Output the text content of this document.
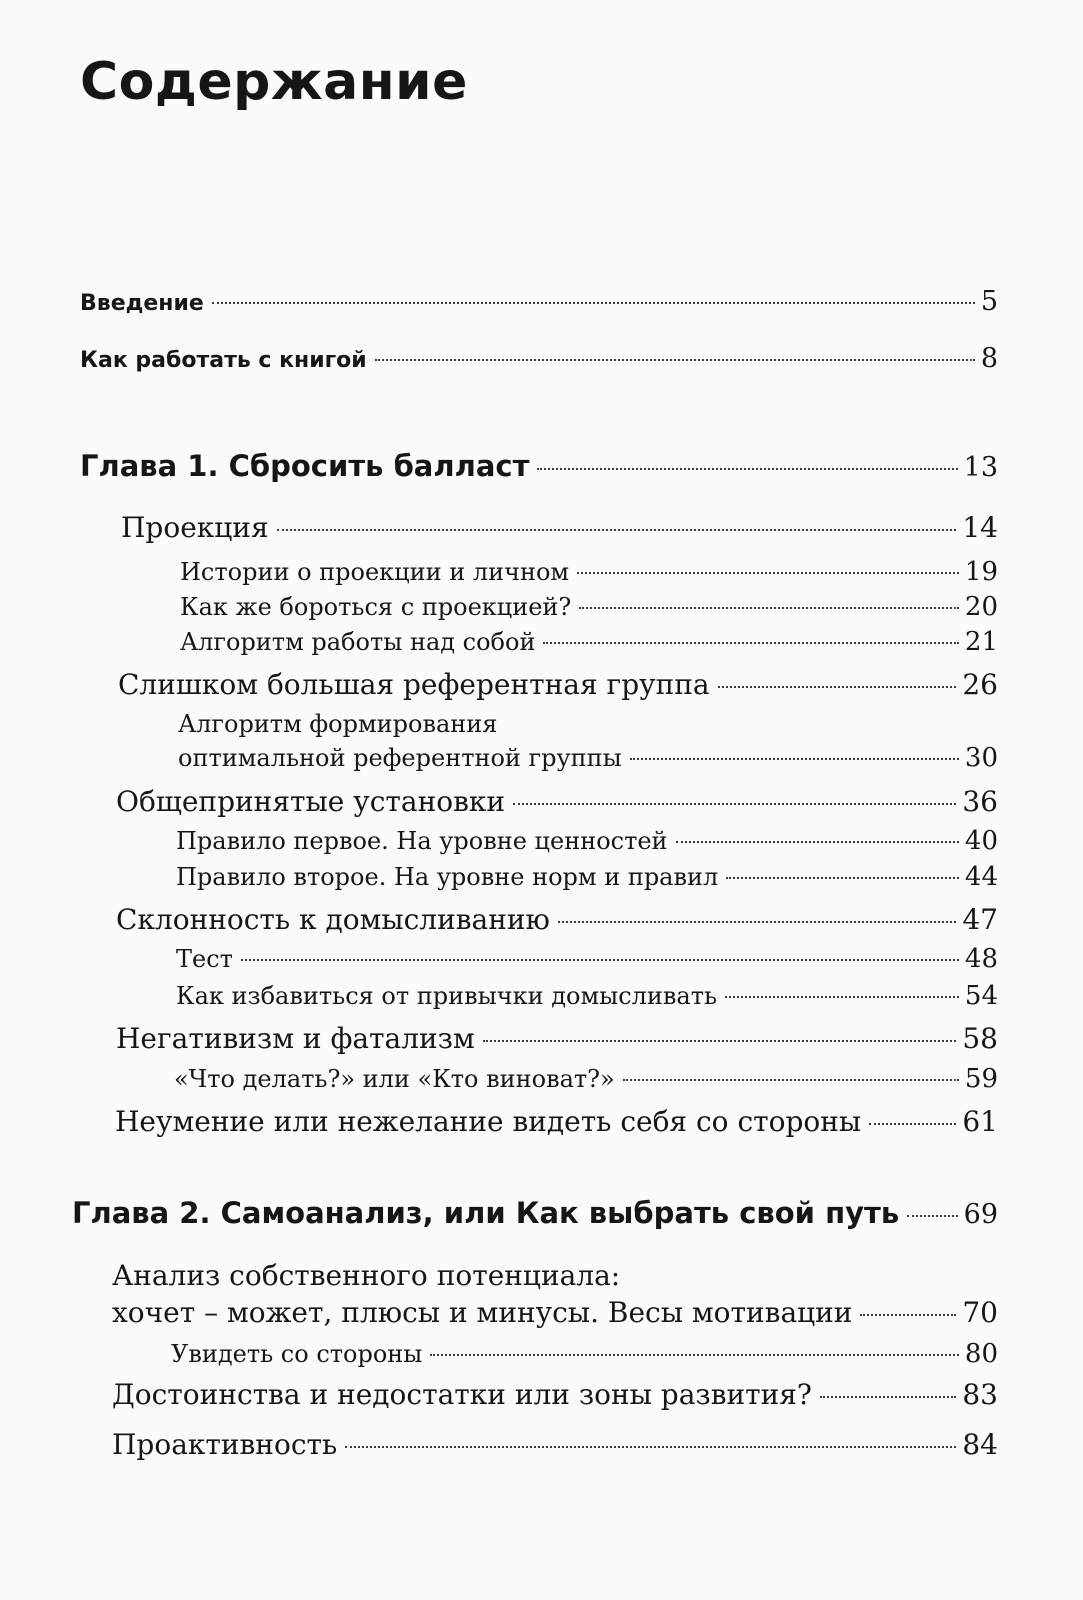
Содержание
Введение	5
Как работать с книгой	8
Глава 1. Сбросить балласт	13
Проекция	14
Истории о проекции и личном	19
Как же бороться с проекцией?	20
Алгоритм работы над собой	21
Слишком большая референтная группа	26
Алгоритм формирования
оптимальной референтной группы	30
Общепринятые установки	36
Правило первое. На уровне ценностей	40
Правило второе. На уровне норм и правил	44
Склонность к домысливанию	47
Тест	48
Как избавиться от привычки домысливать	54
Негативизм и фатализм	58
«Что делать?» или «Кто виноват?»	59
Неумение или нежелание видеть себя со стороны	61
Глава 2. Самоанализ, или Как выбрать свой путь 69
Анализ собственного потенциала:
хочет – может, плюсы и минусы. Весы мотивации	70
Увидеть со стороны	80
Достоинства и недостатки или зоны развития?	83
Проактивность	84
